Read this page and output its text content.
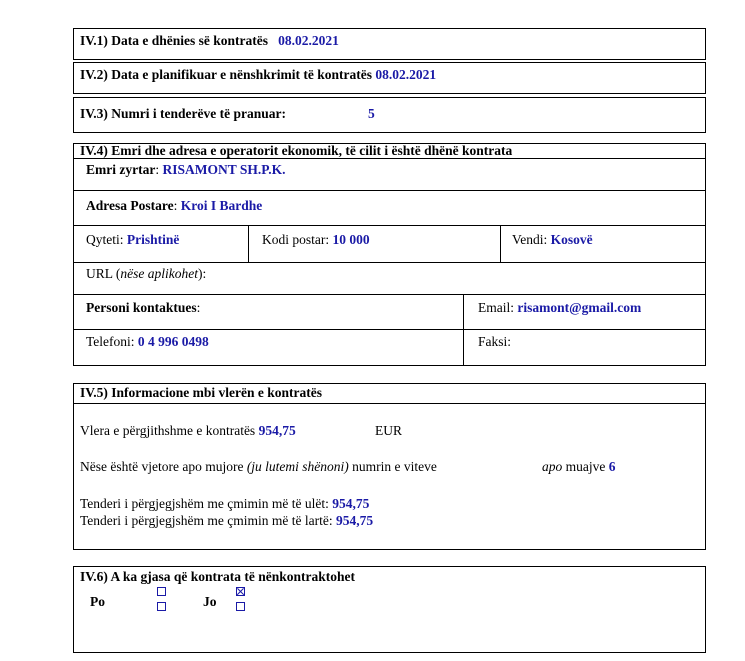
IV.1) Data e dhënies së kontratës 08.02.2021
IV.2) Data e planifikuar e nënshkrimit të kontratës 08.02.2021
IV.3) Numri i tenderëve të pranuar:	5
IV.4) Emri dhe adresa e operatorit ekonomik, të cilit i është dhënë kontrata
Emri zyrtar: RISAMONT SH.P.K.
Adresa Postare: Kroi I Bardhe
Qyteti: Prishtinë	Kodi postar: 10 000	Vendi: Kosovë
URL (nëse aplikohet):
Personi kontaktues:	Email: risamont@gmail.com
Telefoni: 0 4 996 0498	Faksi:
IV.5) Informacione mbi vlerën e kontratës
Vlera e përgjithshme e kontratës 954,75	EUR
Nëse është vjetore apo mujore (ju lutemi shënoni) numrin e viteve	apo muajve 6
Tenderi i përgjegjshëm me çmimin më të ulët: 954,75
Tenderi i përgjegjshëm me çmimin më të lartë: 954,75
IV.6) A ka gjasa që kontrata të nënkontraktohet
Po	Jo
